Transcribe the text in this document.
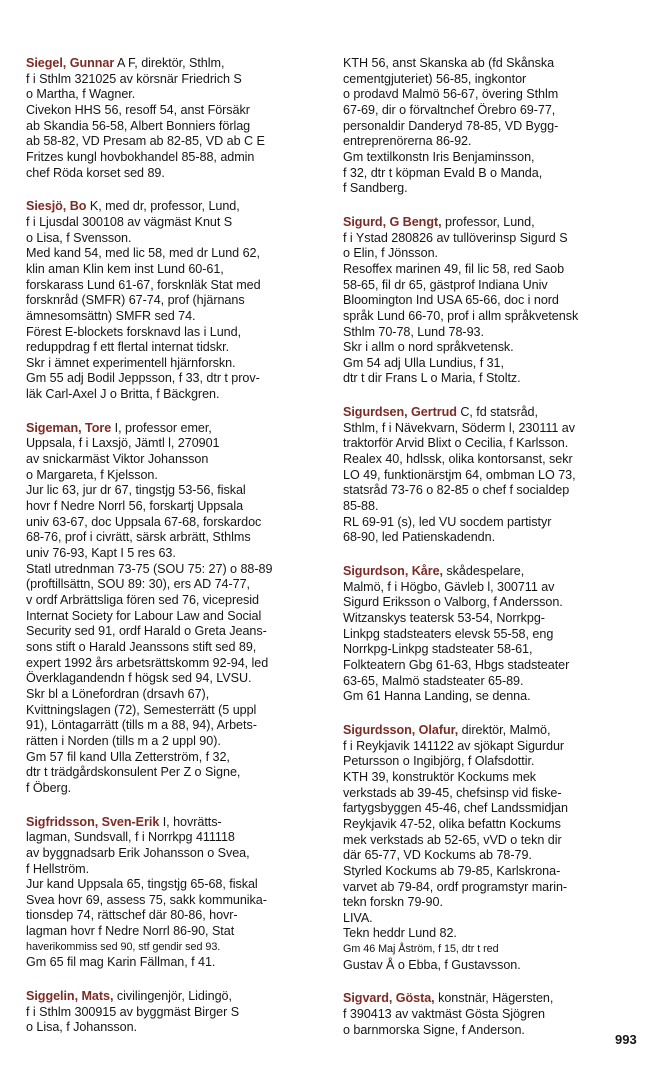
Siegel, Gunnar A F, direktör, Sthlm,
f i Sthlm 321025 av körsnär Friedrich S
o Martha, f Wagner.
Civekon HHS 56, resoff 54, anst Försäkr
ab Skandia 56-58, Albert Bonniers förlag
ab 58-82, VD Presam ab 82-85, VD ab C E
Fritzes kungl hovbokhandel 85-88, admin
chef Röda korset sed 89.
Siesjö, Bo K, med dr, professor, Lund,
f i Ljusdal 300108 av vägmäst Knut S
o Lisa, f Svensson.
Med kand 54, med lic 58, med dr Lund 62,
klin aman Klin kem inst Lund 60-61,
forskarass Lund 61-67, forsknläk Stat med
forsknråd (SMFR) 67-74, prof (hjärnans
ämnesomsättn) SMFR sed 74.
Förest E-blockets forsknavd las i Lund,
reduppdrag f ett flertal internat tidskr.
Skr i ämnet experimentell hjärnforskn.
Gm 55 adj Bodil Jeppsson, f 33, dtr t prov-
läk Carl-Axel J o Britta, f Bäckgren.
Sigeman, Tore I, professor emer,
Uppsala, f i Laxsjö, Jämtl l, 270901
av snickarmäst Viktor Johansson
o Margareta, f Kjelsson.
Jur lic 63, jur dr 67, tingstjg 53-56, fiskal
hovr f Nedre Norrl 56, forskartj Uppsala
univ 63-67, doc Uppsala 67-68, forskardoc
68-76, prof i civrätt, särsk arbrätt, Sthlms
univ 76-93, Kapt I 5 res 63.
Statl utrednman 73-75 (SOU 75: 27) o 88-89
(proftillsättn, SOU 89: 30), ers AD 74-77,
v ordf Arbrättsliga fören sed 76, vicepresid
Internat Society for Labour Law and Social
Security sed 91, ordf Harald o Greta Jeans-
sons stift o Harald Jeanssons stift sed 89,
expert 1992 års arbetsrättskomm 92-94, led
Överklagandendn f högsk sed 94, LVSU.
Skr bl a Lönefordran (drsavh 67),
Kvittningslagen (72), Semesterrätt (5 uppl
91), Löntagarrätt (tills m a 88, 94), Arbets-
rätten i Norden (tills m a 2 uppl 90).
Gm 57 fil kand Ulla Zetterström, f 32,
dtr t trädgårdskonsulent Per Z o Signe,
f Öberg.
Sigfridsson, Sven-Erik I, hovrätts-
lagman, Sundsvall, f i Norrkpg 411118
av byggnadsarb Erik Johansson o Svea,
f Hellström.
Jur kand Uppsala 65, tingstjg 65-68, fiskal
Svea hovr 69, assess 75, sakk kommunika-
tionsdep 74, rättschef där 80-86, hovr-
lagman hovr f Nedre Norrl 86-90, Stat
haverikommiss sed 90, stf gendir sed 93.
Gm 65 fil mag Karin Fällman, f 41.
Siggelin, Mats, civilingenjör, Lidingö,
f i Sthlm 300915 av byggmäst Birger S
o Lisa, f Johansson.
KTH 56, anst Skanska ab (fd Skånska
cementgjuteriet) 56-85, ingkontor
o prodavd Malmö 56-67, övering Sthlm
67-69, dir o förvaltnchef Örebro 69-77,
personaldir Danderyd 78-85, VD Bygg-
entreprenörerna 86-92.
Gm textilkonstn Iris Benjaminsson,
f 32, dtr t köpman Evald B o Manda,
f Sandberg.
Sigurd, G Bengt, professor, Lund,
f i Ystad 280826 av tullöverinsp Sigurd S
o Elin, f Jönsson.
Resoffex marinen 49, fil lic 58, red Saob
58-65, fil dr 65, gästprof Indiana Univ
Bloomington Ind USA 65-66, doc i nord
språk Lund 66-70, prof i allm språkvetensk
Sthlm 70-78, Lund 78-93.
Skr i allm o nord språkvetensk.
Gm 54 adj Ulla Lundius, f 31,
dtr t dir Frans L o Maria, f Stoltz.
Sigurdsen, Gertrud C, fd statsråd,
Sthlm, f i Nävekvarn, Söderm l, 230111 av
traktorför Arvid Blixt o Cecilia, f Karlsson.
Realex 40, hdlssk, olika kontorsanst, sekr
LO 49, funktionärstjm 64, ombman LO 73,
statsråd 73-76 o 82-85 o chef f socialdep
85-88.
RL 69-91 (s), led VU socdem partistyr
68-90, led Patienskadendn.
Sigurdson, Kåre, skådespelare,
Malmö, f i Högbo, Gävleb l, 300711 av
Sigurd Eriksson o Valborg, f Andersson.
Witzanskys teatersk 53-54, Norrkpg-
Linkpg stadsteaters elevsk 55-58, eng
Norrkpg-Linkpg stadsteater 58-61,
Folkteatern Gbg 61-63, Hbgs stadsteater
63-65, Malmö stadsteater 65-89.
Gm 61 Hanna Landing, se denna.
Sigurdsson, Olafur, direktör, Malmö,
f i Reykjavik 141122 av sjökapt Sigurdur
Petursson o Ingibjörg, f Olafsdottir.
KTH 39, konstruktör Kockums mek
verkstads ab 39-45, chefsinsp vid fiske-
fartygsbyggen 45-46, chef Landssmidjan
Reykjavik 47-52, olika befattn Kockums
mek verkstads ab 52-65, vVD o tekn dir
där 65-77, VD Kockums ab 78-79.
Styrled Kockums ab 79-85, Karlskrona-
varvet ab 79-84, ordf programstyr marin-
tekn forskn 79-90.
LIVA.
Tekn heddr Lund 82.
Gm 46 Maj Åström, f 15, dtr t red
Gustav Å o Ebba, f Gustavsson.
Sigvard, Gösta, konstnär, Hägersten,
f 390413 av vaktmäst Gösta Sjögren
o barnmorska Signe, f Anderson.
993
